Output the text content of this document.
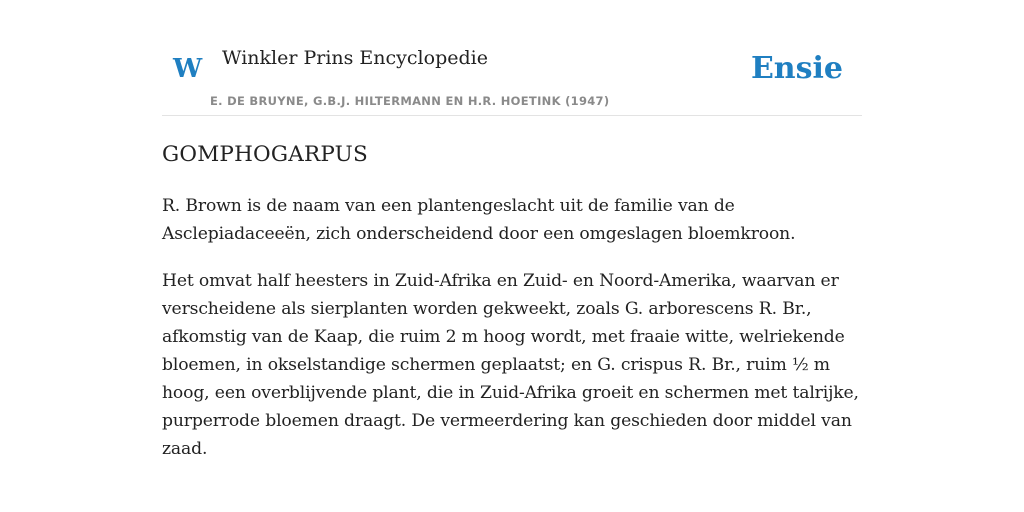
W Winkler Prins Encyclopedie
E. DE BRUYNE, G.B.J. HILTERMANN EN H.R. HOETINK (1947)
Ensie
GOMPHOGARPUS

R. Brown is de naam van een plantengeslacht uit de familie van de
Asclepiadaceeën, zich onderscheidend door een omgeslagen bloemkroon.

Het omvat half heesters in Zuid-Afrika en Zuid- en Noord-Amerika, waarvan er
verscheidene als sierplanten worden gekweekt, zoals G. arborescens R. Br.,
afkomstig van de Kaap, die ruim 2 m hoog wordt, met fraaie witte, welriekende
bloemen, in okselstandige schermen geplaatst; en G. crispus R. Br., ruim ½ m
hoog, een overblijvende plant, die in Zuid-Afrika groeit en schermen met talrijke,
purperrode bloemen draagt. De vermeerdering kan geschieden door middel van
zaad.
